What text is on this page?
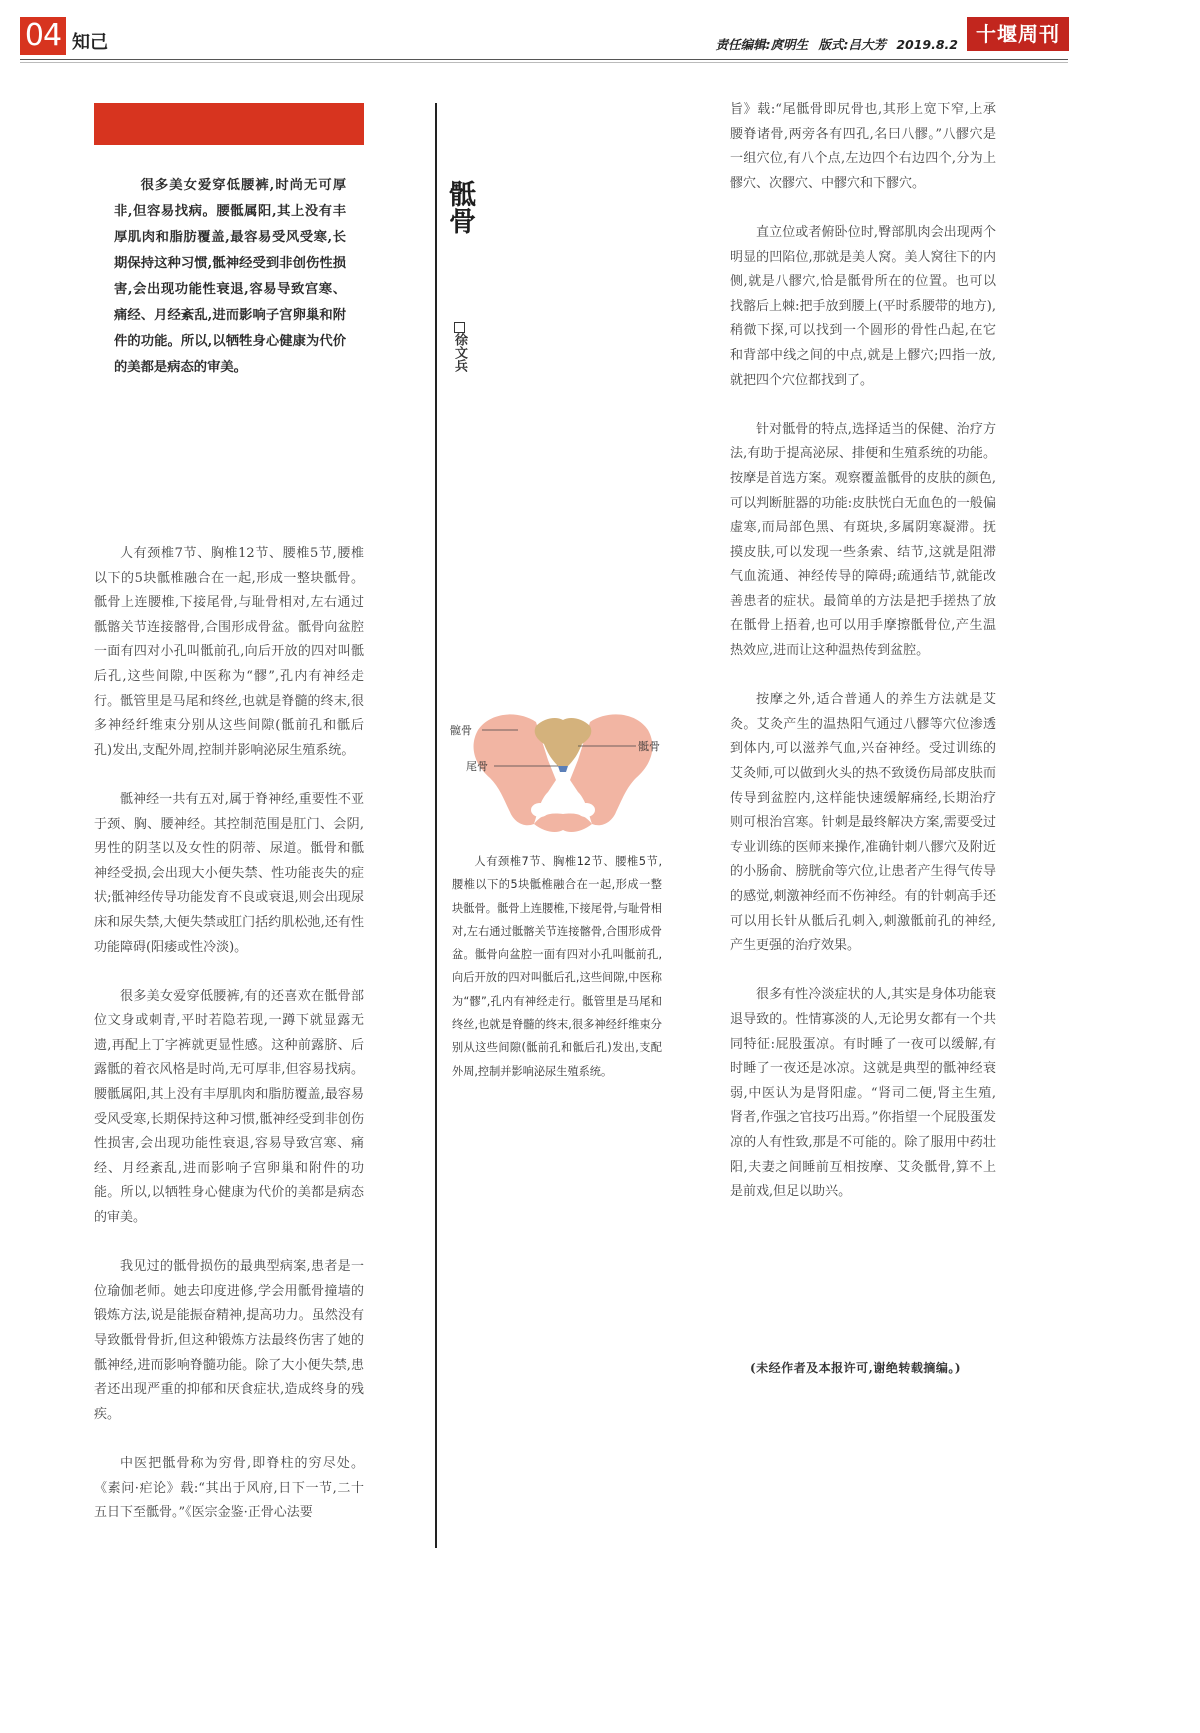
04 知己	责任编辑:庹明生 版式:吕大芳 2019.8.2 十堰周刊

很多美女爱穿低腰裤,时尚无可厚非,但容易找病。腰骶属阳,其上没有丰厚肌肉和脂肪覆盖,最容易受风受寒,长期保持这种习惯,骶神经受到非创伤性损害,会出现功能性衰退,容易导致宫寒、痛经、月经紊乱,进而影响子宫卵巢和附件的功能。所以,以牺牲身心健康为代价的美都是病态的审美。

人有颈椎7节、胸椎12节、腰椎5节,腰椎以下的5块骶椎融合在一起,形成一整块骶骨。骶骨上连腰椎,下接尾骨,与耻骨相对,左右通过骶髂关节连接髂骨,合围形成骨盆。骶骨向盆腔一面有四对小孔叫骶前孔,向后开放的四对叫骶后孔,这些间隙,中医称为“髎”,孔内有神经走行。骶管里是马尾和终丝,也就是脊髓的终末,很多神经纤维束分别从这些间隙(骶前孔和骶后孔)发出,支配外周,控制并影响泌尿生殖系统。

骶神经一共有五对,属于脊神经,重要性不亚于颈、胸、腰神经。其控制范围是肛门、会阴,男性的阴茎以及女性的阴蒂、尿道。骶骨和骶神经受损,会出现大小便失禁、性功能丧失的症状;骶神经传导功能发育不良或衰退,则会出现尿床和尿失禁,大便失禁或肛门括约肌松弛,还有性功能障碍(阳痿或性冷淡)。

很多美女爱穿低腰裤,有的还喜欢在骶骨部位文身或刺青,平时若隐若现,一蹲下就显露无遗,再配上丁字裤就更显性感。这种前露脐、后露骶的着衣风格是时尚,无可厚非,但容易找病。腰骶属阳,其上没有丰厚肌肉和脂肪覆盖,最容易受风受寒,长期保持这种习惯,骶神经受到非创伤性损害,会出现功能性衰退,容易导致宫寒、痛经、月经紊乱,进而影响子宫卵巢和附件的功能。所以,以牺牲身心健康为代价的美都是病态的审美。

我见过的骶骨损伤的最典型病案,患者是一位瑜伽老师。她去印度进修,学会用骶骨撞墙的锻炼方法,说是能振奋精神,提高功力。虽然没有导致骶骨骨折,但这种锻炼方法最终伤害了她的骶神经,进而影响脊髓功能。除了大小便失禁,患者还出现严重的抑郁和厌食症状,造成终身的残疾。

中医把骶骨称为穷骨,即脊柱的穷尽处。《素问·疟论》载:“其出于风府,日下一节,二十五日下至骶骨。”《医宗金鉴·正骨心法要

骶骨
徐文兵
髋骨
骶骨
尾骨

人有颈椎7节、胸椎12节、腰椎5节,腰椎以下的5块骶椎融合在一起,形成一整块骶骨。骶骨上连腰椎,下接尾骨,与耻骨相对,左右通过骶髂关节连接髂骨,合围形成骨盆。骶骨向盆腔一面有四对小孔叫骶前孔,向后开放的四对叫骶后孔,这些间隙,中医称为“髎”,孔内有神经走行。骶管里是马尾和终丝,也就是脊髓的终末,很多神经纤维束分别从这些间隙(骶前孔和骶后孔)发出,支配外周,控制并影响泌尿生殖系统。

旨》载:“尾骶骨即尻骨也,其形上宽下窄,上承腰脊诸骨,两旁各有四孔,名曰八髎。”八髎穴是一组穴位,有八个点,左边四个右边四个,分为上髎穴、次髎穴、中髎穴和下髎穴。

直立位或者俯卧位时,臀部肌肉会出现两个明显的凹陷位,那就是美人窝。美人窝往下的内侧,就是八髎穴,恰是骶骨所在的位置。也可以找髂后上棘:把手放到腰上(平时系腰带的地方),稍微下探,可以找到一个圆形的骨性凸起,在它和背部中线之间的中点,就是上髎穴;四指一放,就把四个穴位都找到了。

针对骶骨的特点,选择适当的保健、治疗方法,有助于提高泌尿、排便和生殖系统的功能。按摩是首选方案。观察覆盖骶骨的皮肤的颜色,可以判断脏器的功能:皮肤恍白无血色的一般偏虚寒,而局部色黑、有斑块,多属阴寒凝滞。抚摸皮肤,可以发现一些条索、结节,这就是阻滞气血流通、神经传导的障碍;疏通结节,就能改善患者的症状。最简单的方法是把手搓热了放在骶骨上捂着,也可以用手摩擦骶骨位,产生温热效应,进而让这种温热传到盆腔。

按摩之外,适合普通人的养生方法就是艾灸。艾灸产生的温热阳气通过八髎等穴位渗透到体内,可以滋养气血,兴奋神经。受过训练的艾灸师,可以做到火头的热不致烫伤局部皮肤而传导到盆腔内,这样能快速缓解痛经,长期治疗则可根治宫寒。针刺是最终解决方案,需要受过专业训练的医师来操作,准确针刺八髎穴及附近的小肠俞、膀胱俞等穴位,让患者产生得气传导的感觉,刺激神经而不伤神经。有的针刺高手还可以用长针从骶后孔刺入,刺激骶前孔的神经,产生更强的治疗效果。

很多有性冷淡症状的人,其实是身体功能衰退导致的。性情寡淡的人,无论男女都有一个共同特征:屁股蛋凉。有时睡了一夜可以缓解,有时睡了一夜还是冰凉。这就是典型的骶神经衰弱,中医认为是肾阳虚。“肾司二便,肾主生殖,肾者,作强之官技巧出焉。”你指望一个屁股蛋发凉的人有性致,那是不可能的。除了服用中药壮阳,夫妻之间睡前互相按摩、艾灸骶骨,算不上是前戏,但足以助兴。

(未经作者及本报许可,谢绝转载摘编。)
